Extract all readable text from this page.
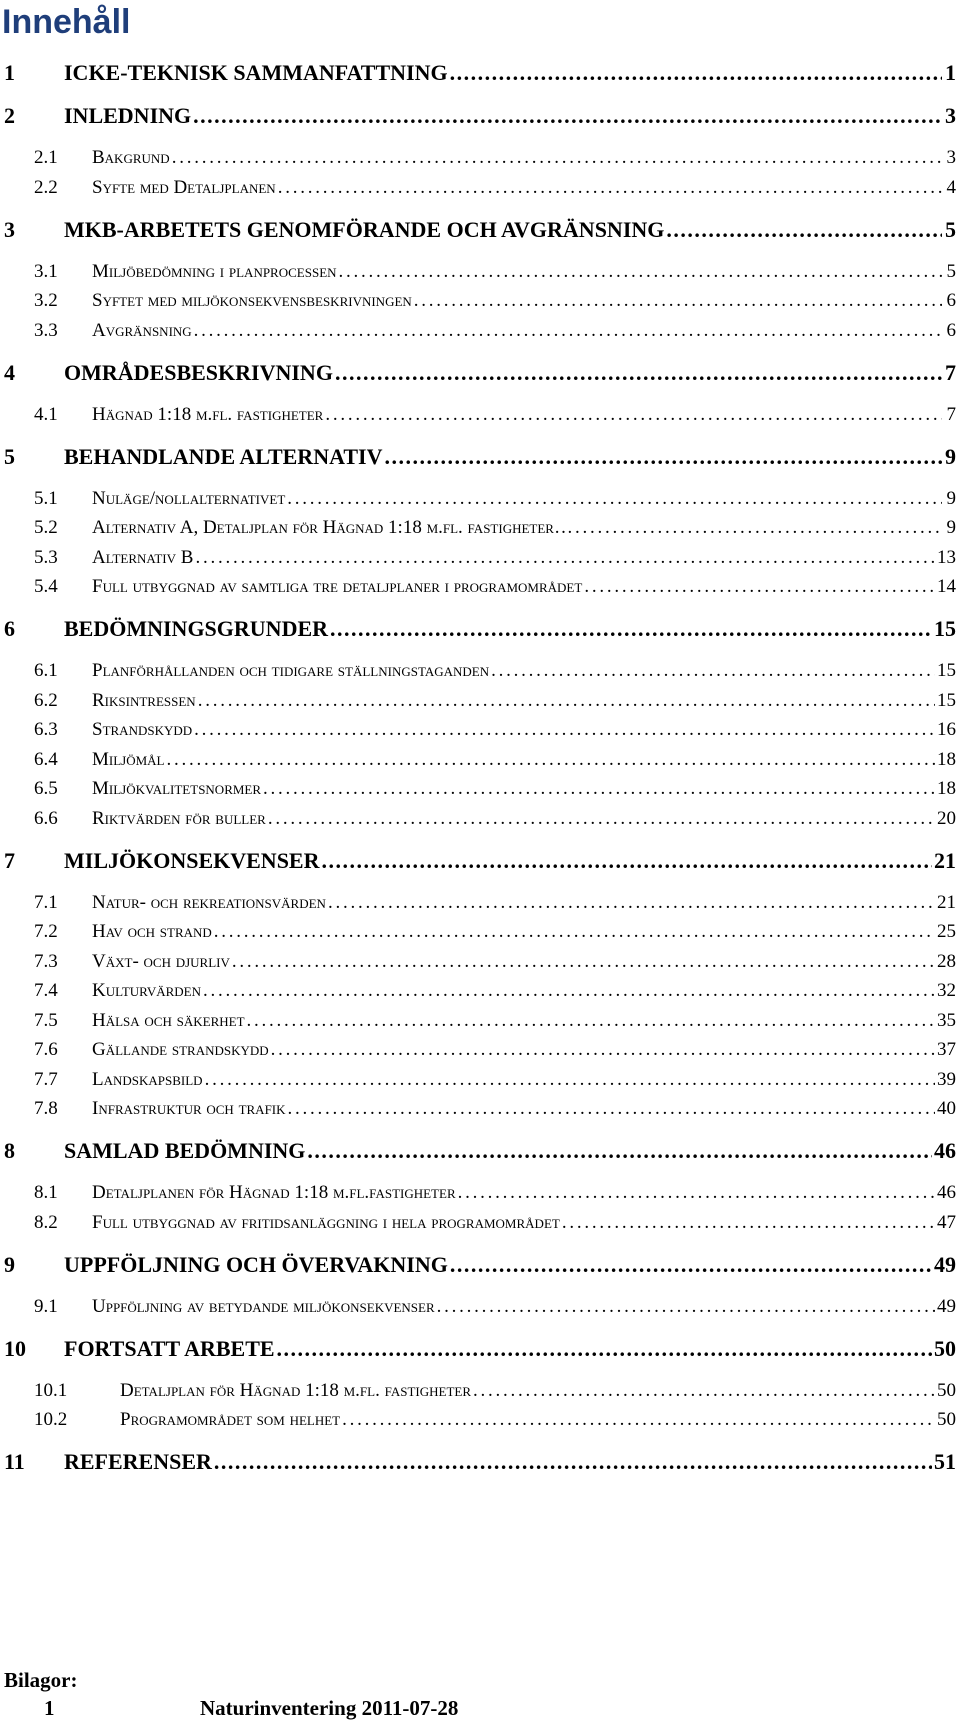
Innehåll
1	ICKE-TEKNISK SAMMANFATTNING . . .	1
2	INLEDNING . . .	3
2.1	Bakgrund . . .	3
2.2	Syfte med Detaljplanen . . .	4
3	MKB-ARBETETS GENOMFÖRANDE OCH AVGRÄNSNING . . .	5
3.1	Miljöbedömning i planprocessen . . .	5
3.2	Syftet med miljökonsekvensbeskrivningen . . .	6
3.3	Avgränsning . . .	6
4	OMRÅDESBESKRIVNING . . .	7
4.1	Hägnad 1:18 m.fl. fastigheter . . .	7
5	BEHANDLANDE ALTERNATIV . . .	9
5.1	Nuläge/nollalternativet . . .	9
5.2	Alternativ A, Detaljplan för Hägnad 1:18 m.fl. fastigheter… . . .	9
5.3	Alternativ B . . .	13
5.4	Full utbyggnad av samtliga tre detaljplaner i programområdet . . .	14
6	BEDÖMNINGSGRUNDER . . .	15
6.1	Planförhållanden och tidigare ställningstaganden . . .	15
6.2	Riksintressen . . .	15
6.3	Strandskydd . . .	16
6.4	Miljömål . . .	18
6.5	Miljökvalitetsnormer . . .	18
6.6	Riktvärden för buller . . .	20
7	MILJÖKONSEKVENSER . . .	21
7.1	Natur- och rekreationsvärden . . .	21
7.2	Hav och strand . . .	25
7.3	Växt- och djurliv . . .	28
7.4	Kulturvärden . . .	32
7.5	Hälsa och säkerhet . . .	35
7.6	Gällande strandskydd . . .	37
7.7	Landskapsbild . . .	39
7.8	Infrastruktur och trafik . . .	40
8	SAMLAD BEDÖMNING . . .	46
8.1	Detaljplanen för Hägnad 1:18 m.fl.fastigheter . . .	46
8.2	Full utbyggnad av fritidsanläggning i hela programområdet . . .	47
9	UPPFÖLJNING OCH ÖVERVAKNING . . .	49
9.1	Uppföljning av betydande miljökonsekvenser . . .	49
10	FORTSATT ARBETE . . .	50
10.1	Detaljplan för Hägnad 1:18 m.fl. fastigheter . . .	50
10.2	Programområdet som helhet . . .	50
11	REFERENSER . . .	51
Bilagor:
1	Naturinventering 2011-07-28
